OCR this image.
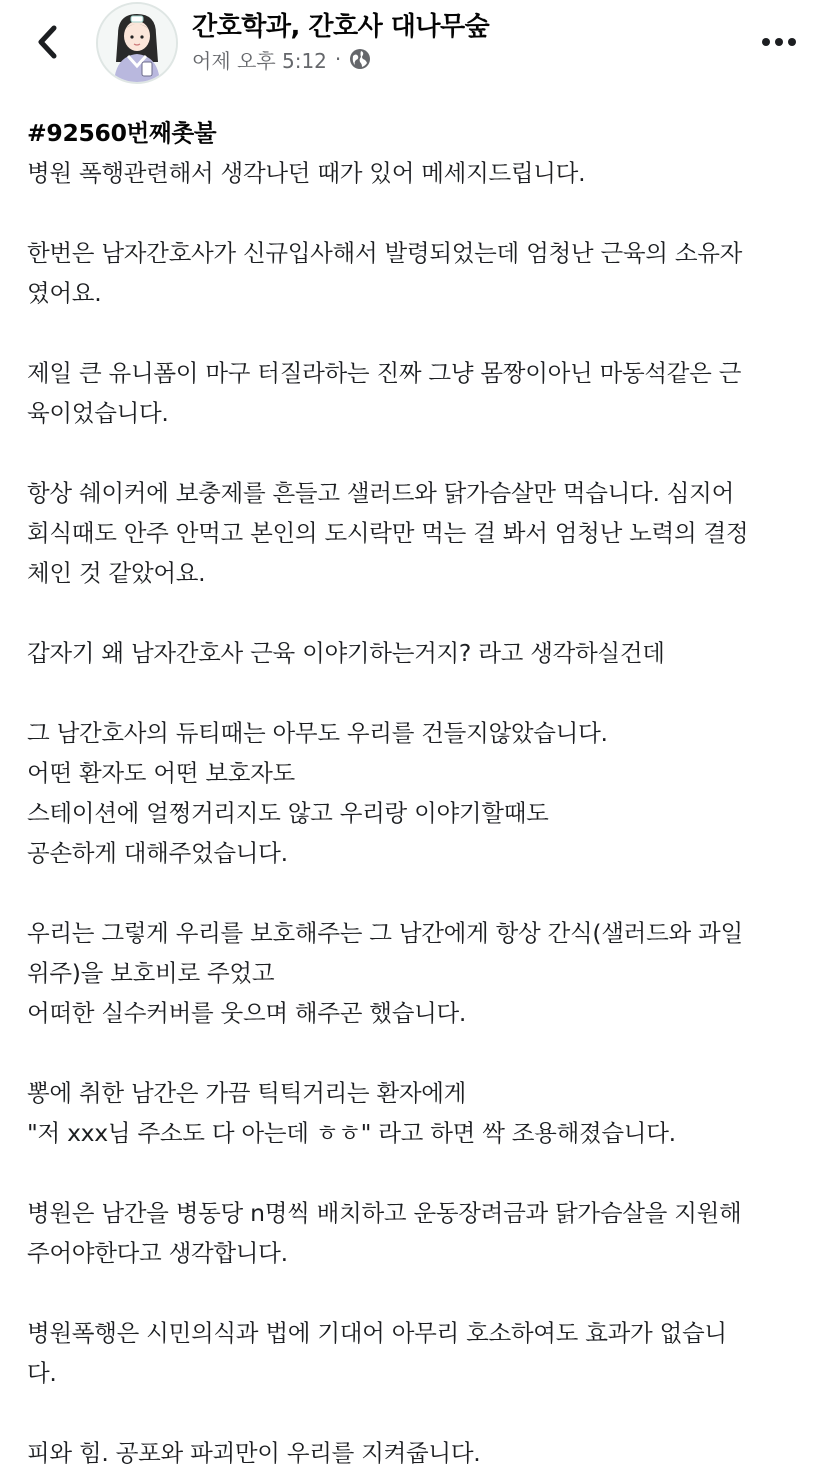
간호학과, 간호사 대나무숲
어제 오후 5:12 ·
#92560번째촛불

병원 폭행관련해서 생각나던 때가 있어 메세지드립니다.

한번은 남자간호사가 신규입사해서 발령되었는데 엄청난 근육의 소유자
였어요.

제일 큰 유니폼이 마구 터질라하는 진짜 그냥 몸짱이아닌 마동석같은 근
육이었습니다.

항상 쉐이커에 보충제를 흔들고 샐러드와 닭가슴살만 먹습니다. 심지어
회식때도 안주 안먹고 본인의 도시락만 먹는 걸 봐서 엄청난 노력의 결정
체인 것 같았어요.

갑자기 왜 남자간호사 근육 이야기하는거지? 라고 생각하실건데

그 남간호사의 듀티때는 아무도 우리를 건들지않았습니다.
어떤 환자도 어떤 보호자도
스테이션에 얼쩡거리지도 않고 우리랑 이야기할때도
공손하게 대해주었습니다.

우리는 그렇게 우리를 보호해주는 그 남간에게 항상 간식(샐러드와 과일
위주)을 보호비로 주었고
어떠한 실수커버를 웃으며 해주곤 했습니다.

뽕에 취한 남간은 가끔 틱틱거리는 환자에게
"저 xxx님 주소도 다 아는데 ㅎㅎ" 라고 하면 싹 조용해졌습니다.

병원은 남간을 병동당 n명씩 배치하고 운동장려금과 닭가슴살을 지원해
주어야한다고 생각합니다.

병원폭행은 시민의식과 법에 기대어 아무리 호소하여도 효과가 없습니
다.

피와 힘. 공포와 파괴만이 우리를 지켜줍니다.
